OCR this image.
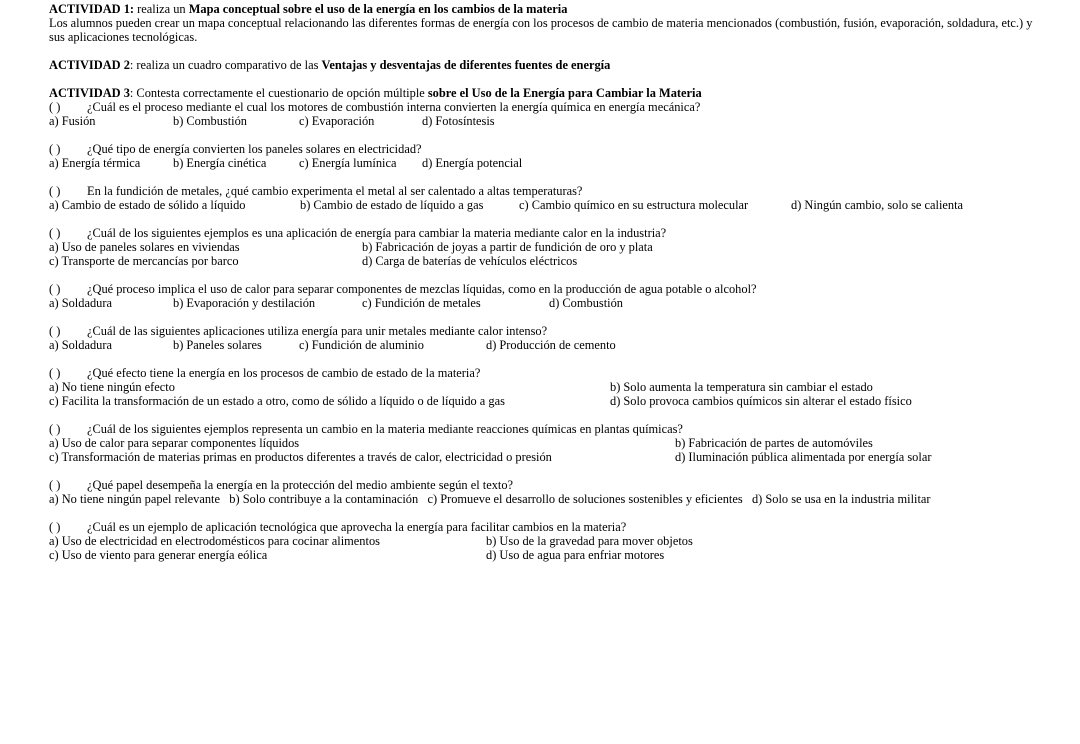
ACTIVIDAD 1: realiza un Mapa conceptual sobre el uso de la energía en los cambios de la materia
Los alumnos pueden crear un mapa conceptual relacionando las diferentes formas de energía con los procesos de cambio de materia mencionados (combustión, fusión, evaporación, soldadura, etc.) y sus aplicaciones tecnológicas.
ACTIVIDAD 2: realiza un cuadro comparativo de las Ventajas y desventajas de diferentes fuentes de energía
ACTIVIDAD 3: Contesta correctamente el cuestionario de opción múltiple sobre el Uso de la Energía para Cambiar la Materia
( ) ¿Cuál es el proceso mediante el cual los motores de combustión interna convierten la energía química en energía mecánica?
a) Fusión	b) Combustión	c) Evaporación	d) Fotosíntesis
( ) ¿Qué tipo de energía convierten los paneles solares en electricidad?
a) Energía térmica	b) Energía cinética	c) Energía lumínica d) Energía potencial
( ) En la fundición de metales, ¿qué cambio experimenta el metal al ser calentado a altas temperaturas?
a) Cambio de estado de sólido a líquido	b) Cambio de estado de líquido a gas	c) Cambio químico en su estructura molecular	d) Ningún cambio, solo se calienta
( ) ¿Cuál de los siguientes ejemplos es una aplicación de energía para cambiar la materia mediante calor en la industria?
a) Uso de paneles solares en viviendas	b) Fabricación de joyas a partir de fundición de oro y plata
c) Transporte de mercancías por barco	d) Carga de baterías de vehículos eléctricos
( ) ¿Qué proceso implica el uso de calor para separar componentes de mezclas líquidas, como en la producción de agua potable o alcohol?
a) Soldadura	b) Evaporación y destilación	c) Fundición de metales	d) Combustión
( ) ¿Cuál de las siguientes aplicaciones utiliza energía para unir metales mediante calor intenso?
a) Soldadura	b) Paneles solares	c) Fundición de aluminio	d) Producción de cemento
( ) ¿Qué efecto tiene la energía en los procesos de cambio de estado de la materia?
a) No tiene ningún efecto	b) Solo aumenta la temperatura sin cambiar el estado
c) Facilita la transformación de un estado a otro, como de sólido a líquido o de líquido a gas	d) Solo provoca cambios químicos sin alterar el estado físico
( ) ¿Cuál de los siguientes ejemplos representa un cambio en la materia mediante reacciones químicas en plantas químicas?
a) Uso de calor para separar componentes líquidos	b) Fabricación de partes de automóviles
c) Transformación de materias primas en productos diferentes a través de calor, electricidad o presión	d) Iluminación pública alimentada por energía solar
( ) ¿Qué papel desempeña la energía en la protección del medio ambiente según el texto?
a) No tiene ningún papel relevante   b) Solo contribuye a la contaminación   c) Promueve el desarrollo de soluciones sostenibles y eficientes   d) Solo se usa en la industria militar
( ) ¿Cuál es un ejemplo de aplicación tecnológica que aprovecha la energía para facilitar cambios en la materia?
a) Uso de electricidad en electrodomésticos para cocinar alimentos	b) Uso de la gravedad para mover objetos
c) Uso de viento para generar energía eólica	d) Uso de agua para enfriar motores
